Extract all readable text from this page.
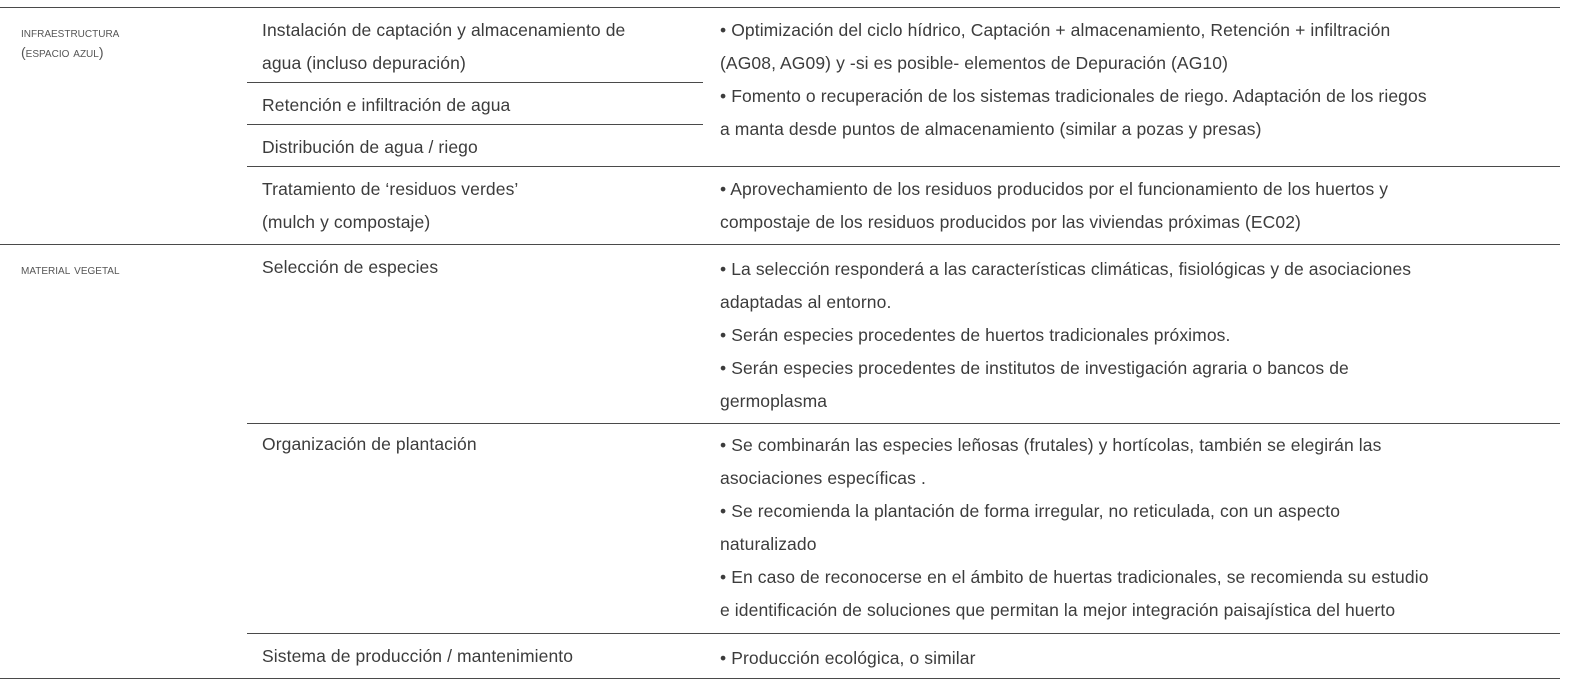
infraestructura
(espacio azul)
material vegetal
Instalación de captación y almacenamiento de
agua (incluso depuración)
Retención e infiltración de agua
Distribución de agua / riego
Tratamiento de ‘residuos verdes’
(mulch y compostaje)
Selección de especies
Organización de plantación
Sistema de producción / mantenimiento
• Optimización del ciclo hídrico, Captación + almacenamiento, Retención + infiltración
(AG08, AG09) y -si es posible- elementos de Depuración (AG10)
• Fomento o recuperación de los sistemas tradicionales de riego. Adaptación de los riegos
a manta desde puntos de almacenamiento (similar a pozas y presas)
• Aprovechamiento de los residuos producidos por el funcionamiento de los huertos y
compostaje de los residuos producidos por las viviendas próximas (EC02)
• La selección responderá a las características climáticas, fisiológicas y de asociaciones
adaptadas al entorno.
• Serán especies procedentes de huertos tradicionales próximos.
• Serán especies procedentes de institutos de investigación agraria o bancos de
germoplasma
• Se combinarán las especies leñosas (frutales) y hortícolas, también se elegirán las
asociaciones específicas .
• Se recomienda la plantación de forma irregular, no reticulada, con un aspecto
naturalizado
• En caso de reconocerse en el ámbito de huertas tradicionales, se recomienda su estudio
e identificación de soluciones que permitan la mejor integración paisajística del huerto
• Producción ecológica, o similar
